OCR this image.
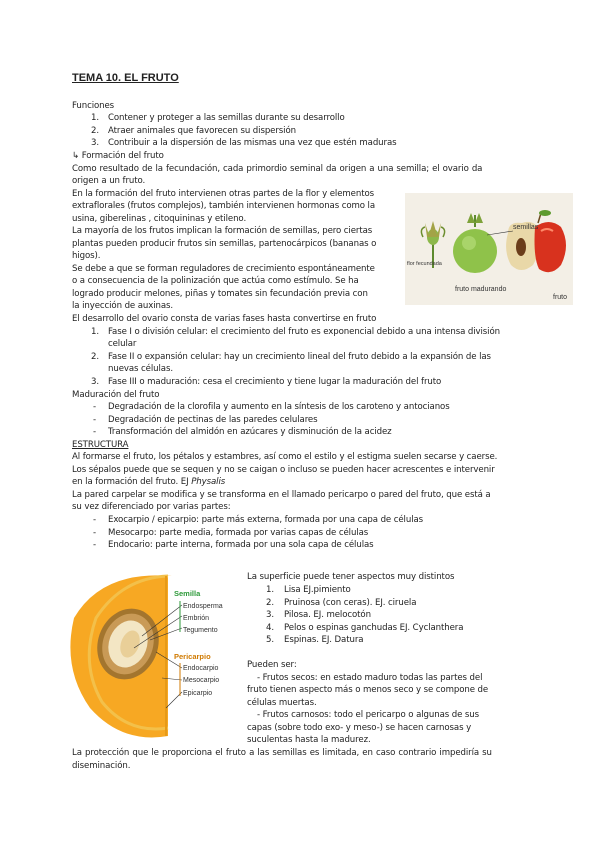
TEMA 10. EL FRUTO
Funciones
1. Contener y proteger a las semillas durante su desarrollo
2. Atraer animales que favorecen su dispersión
3. Contribuir a la dispersión de las mismas una vez que estén maduras
↳ Formación del fruto
Como resultado de la fecundación, cada primordio seminal da origen a una semilla; el ovario da
origen a un fruto.
En la formación del fruto intervienen otras partes de la flor y elementos
extraflorales (frutos complejos), también intervienen hormonas como la
usina, giberelinas , citoquininas y etileno.
La mayoría de los frutos implican la formación de semillas, pero ciertas
plantas pueden producir frutos sin semillas, partenocárpicos (bananas o
higos).
Se debe a que se forman reguladores de crecimiento espontáneamente
o a consecuencia de la polinización que actúa como estímulo. Se ha
logrado producir melones, piñas y tomates sin fecundación previa con
la inyección de auxinas.
El desarrollo del ovario consta de varias fases hasta convertirse en fruto
1. Fase I o división celular: el crecimiento del fruto es exponencial debido a una intensa división
celular
2. Fase II o expansión celular: hay un crecimiento lineal del fruto debido a la expansión de las
nuevas células.
3. Fase III o maduración: cesa el crecimiento y tiene lugar la maduración del fruto
Maduración del fruto
- Degradación de la clorofila y aumento en la síntesis de los caroteno y antocianos
- Degradación de pectinas de las paredes celulares
- Transformación del almidón en azúcares y disminución de la acidez
ESTRUCTURA
Al formarse el fruto, los pétalos y estambres, así como el estilo y el estigma suelen secarse y caerse.
Los sépalos puede que se sequen y no se caigan o incluso se pueden hacer acrescentes e intervenir
en la formación del fruto. EJ Physalis
La pared carpelar se modifica y se transforma en el llamado pericarpo o pared del fruto, que está a
su vez diferenciado por varias partes:
- Exocarpio / epicarpio: parte más externa, formada por una capa de células
- Mesocarpo: parte media, formada por varias capas de células
- Endocario: parte interna, formada por una sola capa de células
La superficie puede tener aspectos muy distintos
1. Lisa EJ.pimiento
2. Pruinosa (con ceras). EJ. ciruela
3. Pilosa. EJ. melocotón
4. Pelos o espinas ganchudas EJ. Cyclanthera
5. Espinas. EJ. Datura
Pueden ser:
- Frutos secos: en estado maduro todas las partes del
fruto tienen aspecto más o menos seco y se compone de
células muertas.
- Frutos carnosos: todo el pericarpo o algunas de sus
capas (sobre todo exo- y meso-) se hacen carnosas y
suculentas hasta la madurez.
La protección que le proporciona el fruto a las semillas es limitada, en caso contrario impediría su
diseminación.
semillas
flor fecundada
fruto madurando
fruto
Semilla
Endosperma
Embrión
Tegumento
Pericarpio
Endocarpio
Mesocarpio
Epicarpio
